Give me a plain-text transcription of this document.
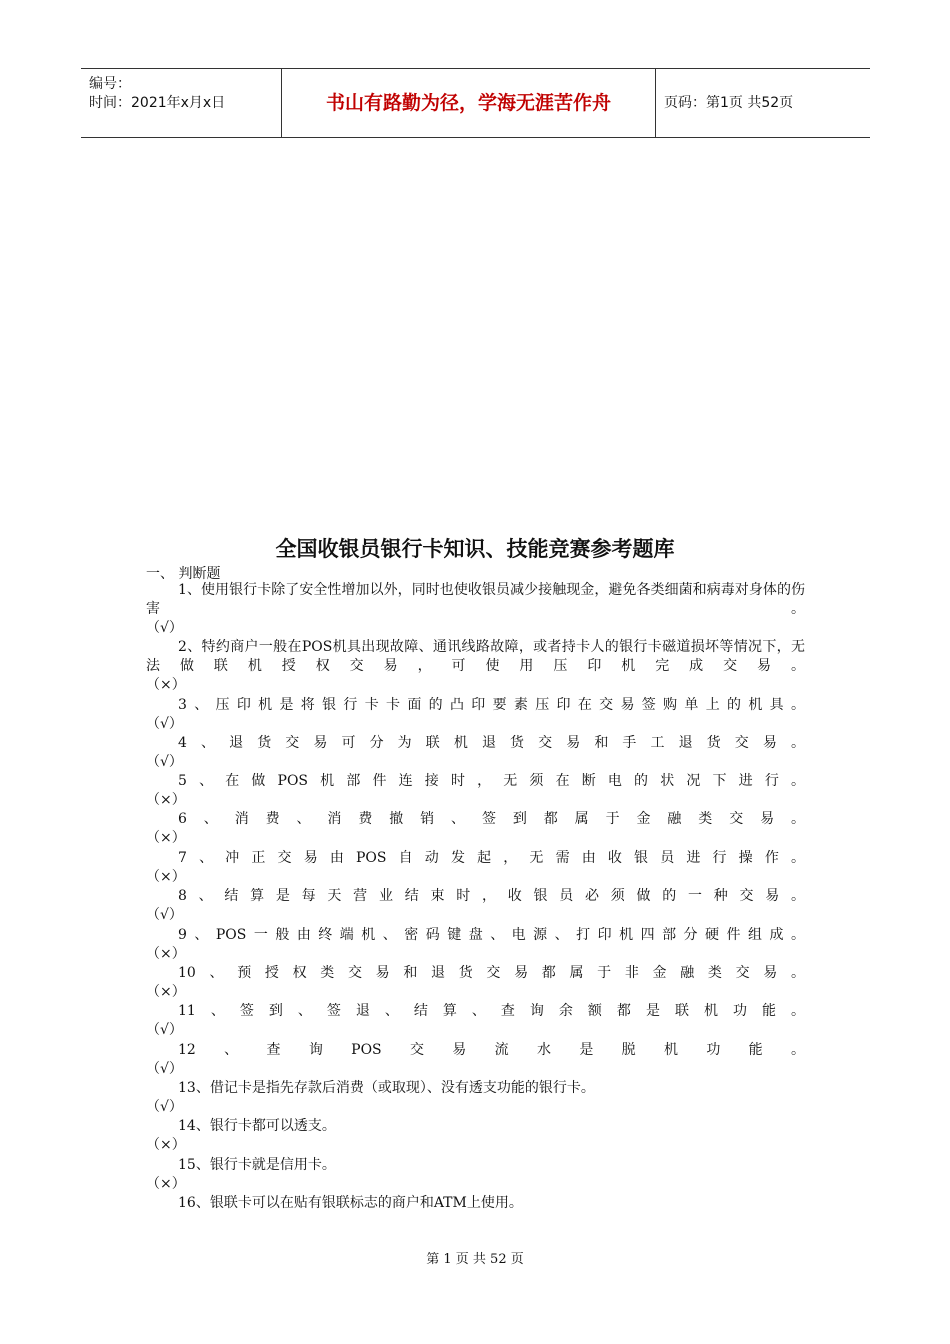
编号：
时间：2021年x月x日	书山有路勤为径，学海无涯苦作舟	页码：第1页 共52页
全国收银员银行卡知识、技能竞赛参考题库
一、 判断题
1、使用银行卡除了安全性增加以外，同时也使收银员减少接触现金，避免各类细菌和病毒对身体的伤害。
（√）
2、特约商户一般在POS机具出现故障、通讯线路故障，或者持卡人的银行卡磁道损坏等情况下，无法做联机授权交易，可使用压印机完成交易。
（×）
3、压印机是将银行卡卡面的凸印要素压印在交易签购单上的机具。
（√）
4、退货交易可分为联机退货交易和手工退货交易。
（√）
5、在做POS机部件连接时，无须在断电的状况下进行。
（×）
6、消费、消费撤销、签到都属于金融类交易。
（×）
7、冲正交易由POS自动发起，无需由收银员进行操作。
（×）
8、结算是每天营业结束时，收银员必须做的一种交易。
（√）
9、POS一般由终端机、密码键盘、电源、打印机四部分硬件组成。
（×）
10、预授权类交易和退货交易都属于非金融类交易。
（×）
11、签到、签退、结算、查询余额都是联机功能。
（√）
12、查询POS交易流水是脱机功能。
（√）
13、借记卡是指先存款后消费（或取现）、没有透支功能的银行卡。
（√）
14、银行卡都可以透支。
（×）
15、银行卡就是信用卡。
（×）
16、银联卡可以在贴有银联标志的商户和ATM上使用。
第 1 页 共 52 页
